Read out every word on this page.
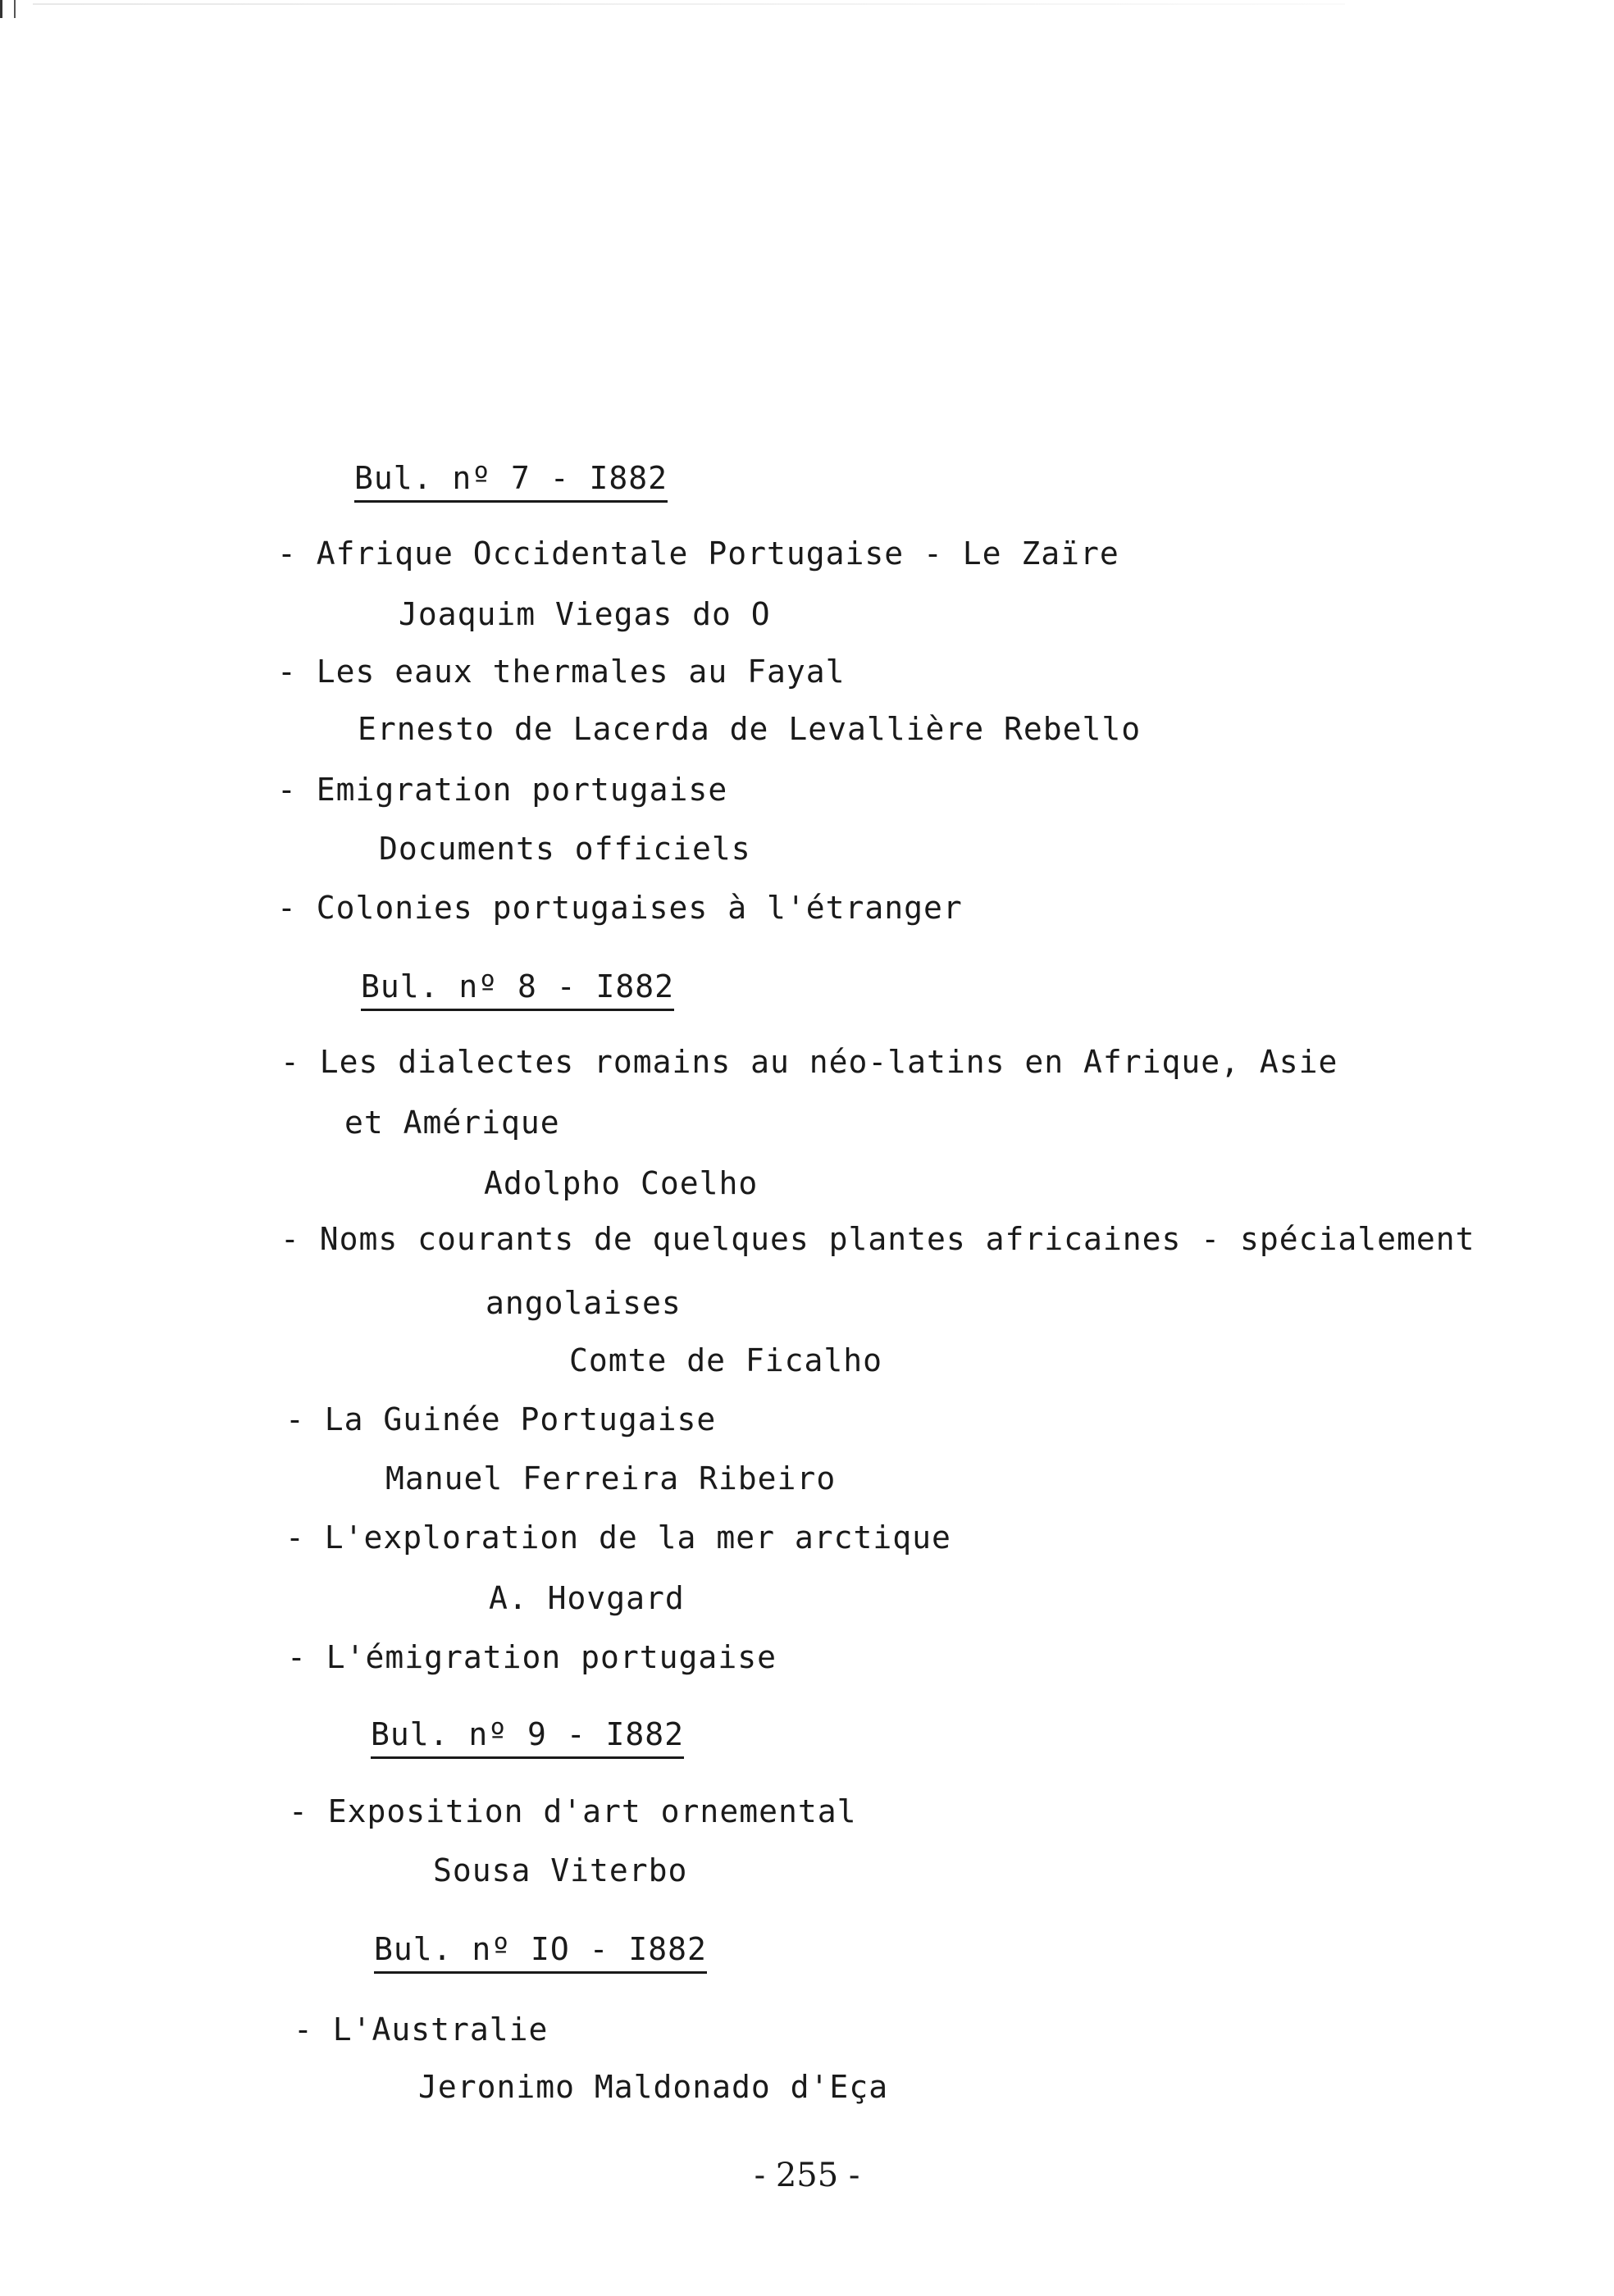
Bul. nº 7 - I882
- Afrique Occidentale Portugaise - Le Zaïre
Joaquim Viegas do O
- Les eaux thermales au Fayal
Ernesto de Lacerda de Levallière Rebello
- Emigration portugaise
Documents officiels
- Colonies portugaises à l'étranger
Bul. nº 8 - I882
- Les dialectes romains au néo-latins en Afrique, Asie
et Amérique
Adolpho Coelho
- Noms courants de quelques plantes africaines - spécialement
angolaises
Comte de Ficalho
- La Guinée Portugaise
Manuel Ferreira Ribeiro
- L'exploration de la mer arctique
A. Hovgard
- L'émigration portugaise
Bul. nº 9 - I882
- Exposition d'art ornemental
Sousa Viterbo
Bul. nº IO - I882
- L'Australie
Jeronimo Maldonado d'Eça
- 255 -
